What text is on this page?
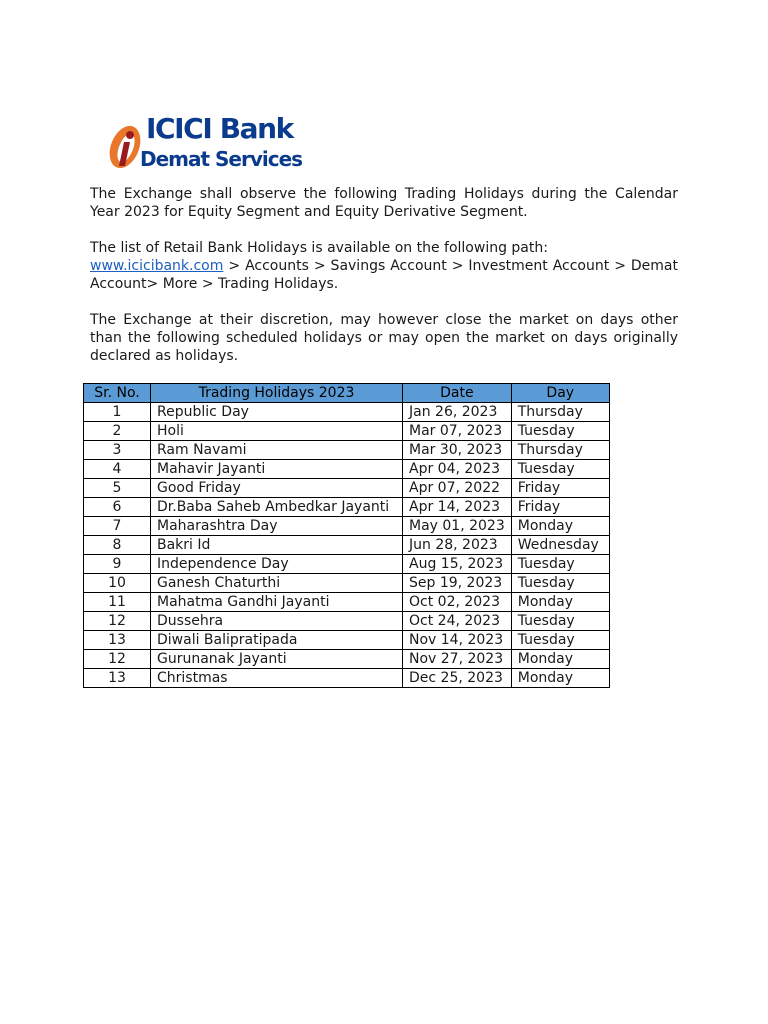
ICICI Bank
Demat Services

The Exchange shall observe the following Trading Holidays during the Calendar Year 2023 for Equity Segment and Equity Derivative Segment.

The list of Retail Bank Holidays is available on the following path:

www.icicibank.com > Accounts > Savings Account > Investment Account > Demat Account> More > Trading Holidays.

The Exchange at their discretion, may however close the market on days other than the following scheduled holidays or may open the market on days originally declared as holidays.

Sr. No.	Trading Holidays 2023	Date	Day
1	Republic Day	Jan 26, 2023	Thursday
2	Holi	Mar 07, 2023	Tuesday
3	Ram Navami	Mar 30, 2023	Thursday
4	Mahavir Jayanti	Apr 04, 2023	Tuesday
5	Good Friday	Apr 07, 2022	Friday
6	Dr.Baba Saheb Ambedkar Jayanti	Apr 14, 2023	Friday
7	Maharashtra Day	May 01, 2023	Monday
8	Bakri Id	Jun 28, 2023	Wednesday
9	Independence Day	Aug 15, 2023	Tuesday
10	Ganesh Chaturthi	Sep 19, 2023	Tuesday
11	Mahatma Gandhi Jayanti	Oct 02, 2023	Monday
12	Dussehra	Oct 24, 2023	Tuesday
13	Diwali Balipratipada	Nov 14, 2023	Tuesday
12	Gurunanak Jayanti	Nov 27, 2023	Monday
13	Christmas	Dec 25, 2023	Monday
